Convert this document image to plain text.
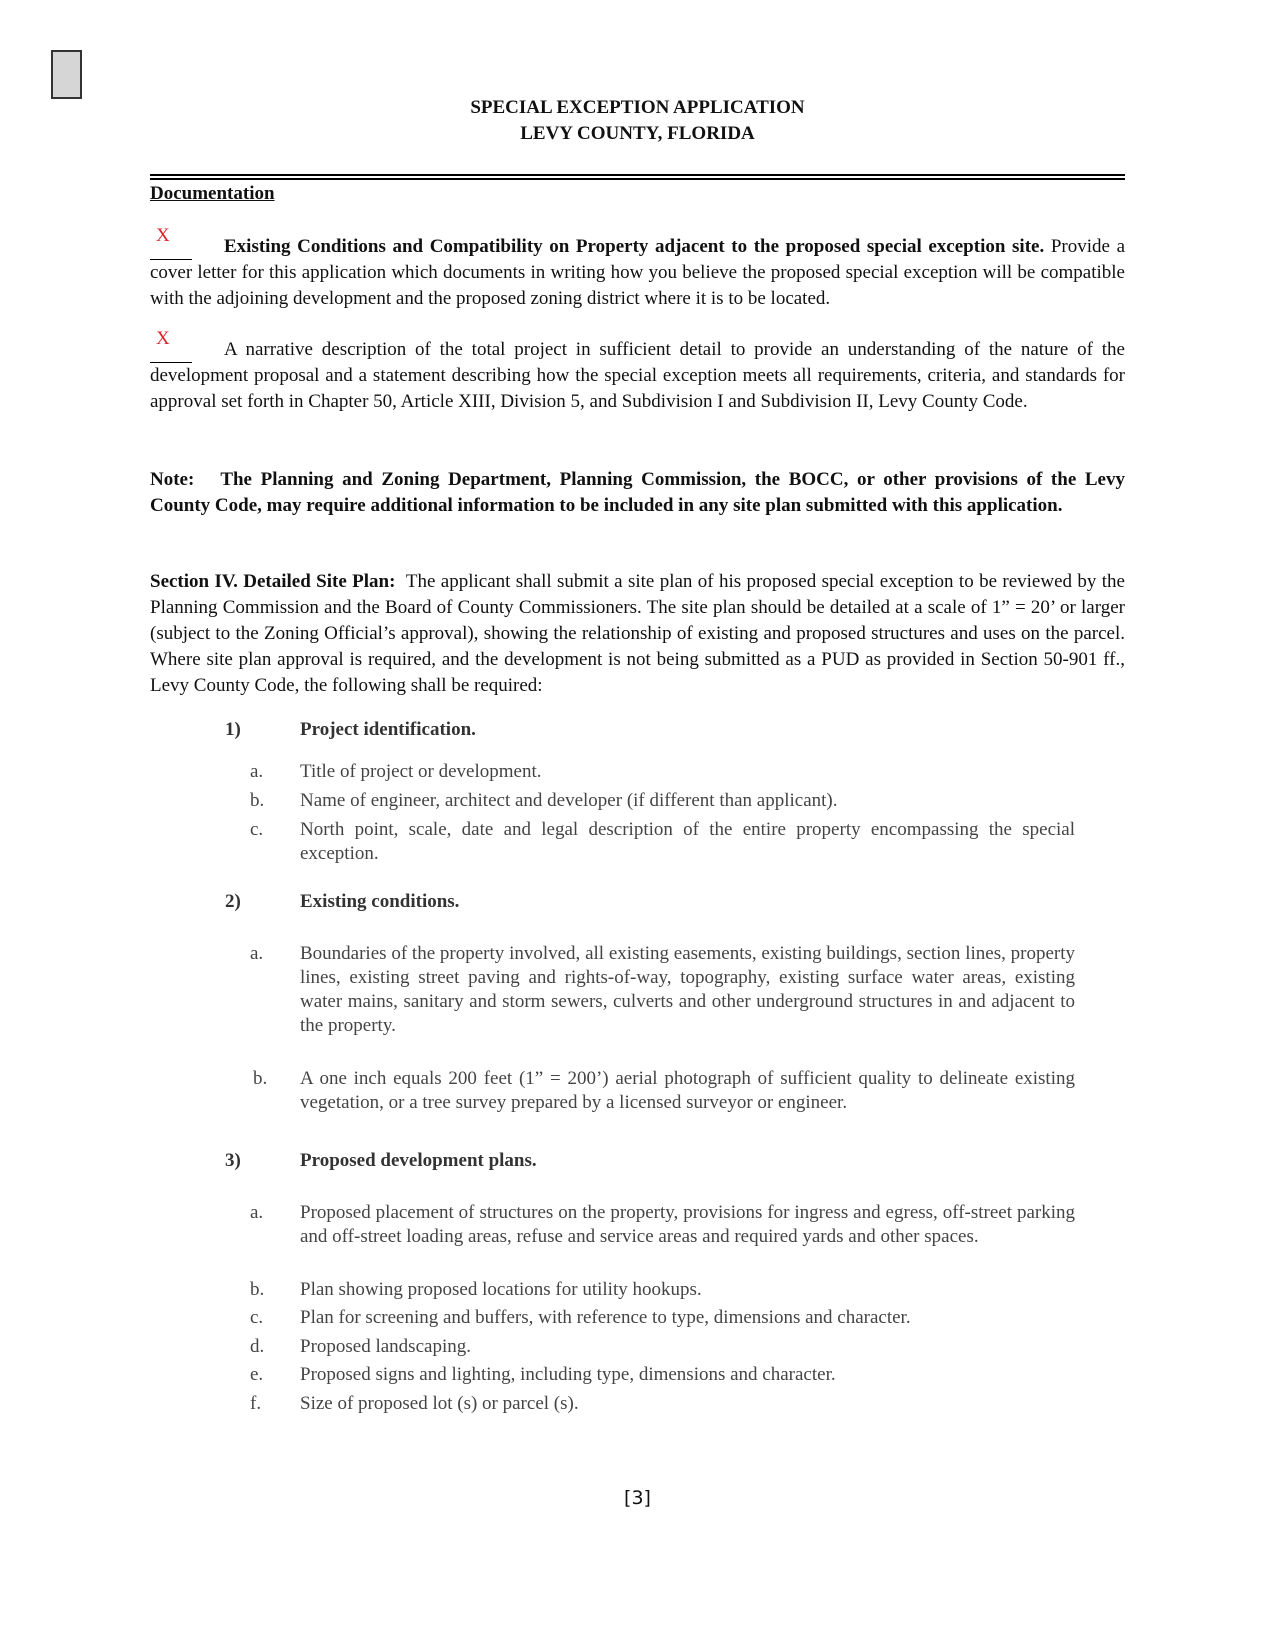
SPECIAL EXCEPTION APPLICATION
LEVY COUNTY, FLORIDA
Documentation
X
Existing Conditions and Compatibility on Property adjacent to the proposed special exception site. Provide a cover letter for this application which documents in writing how you believe the proposed special exception will be compatible with the adjoining development and the proposed zoning district where it is to be located.
X
A narrative description of the total project in sufficient detail to provide an understanding of the nature of the development proposal and a statement describing how the special exception meets all requirements, criteria, and standards for approval set forth in Chapter 50, Article XIII, Division 5, and Subdivision I and Subdivision II, Levy County Code.
Note: The Planning and Zoning Department, Planning Commission, the BOCC, or other provisions of the Levy County Code, may require additional information to be included in any site plan submitted with this application.
Section IV. Detailed Site Plan: The applicant shall submit a site plan of his proposed special exception to be reviewed by the Planning Commission and the Board of County Commissioners. The site plan should be detailed at a scale of 1” = 20’ or larger (subject to the Zoning Official’s approval), showing the relationship of existing and proposed structures and uses on the parcel. Where site plan approval is required, and the development is not being submitted as a PUD as provided in Section 50-901 ff., Levy County Code, the following shall be required:
1)	Project identification.
a. Title of project or development.
b. Name of engineer, architect and developer (if different than applicant).
c. North point, scale, date and legal description of the entire property encompassing the special exception.
2)	Existing conditions.
a. Boundaries of the property involved, all existing easements, existing buildings, section lines, property lines, existing street paving and rights-of-way, topography, existing surface water areas, existing water mains, sanitary and storm sewers, culverts and other underground structures in and adjacent to the property.
b. A one inch equals 200 feet (1” = 200’) aerial photograph of sufficient quality to delineate existing vegetation, or a tree survey prepared by a licensed surveyor or engineer.
3)	Proposed development plans.
a. Proposed placement of structures on the property, provisions for ingress and egress, off-street parking and off-street loading areas, refuse and service areas and required yards and other spaces.
b. Plan showing proposed locations for utility hookups.
c. Plan for screening and buffers, with reference to type, dimensions and character.
d. Proposed landscaping.
e. Proposed signs and lighting, including type, dimensions and character.
f. Size of proposed lot (s) or parcel (s).
[3]
